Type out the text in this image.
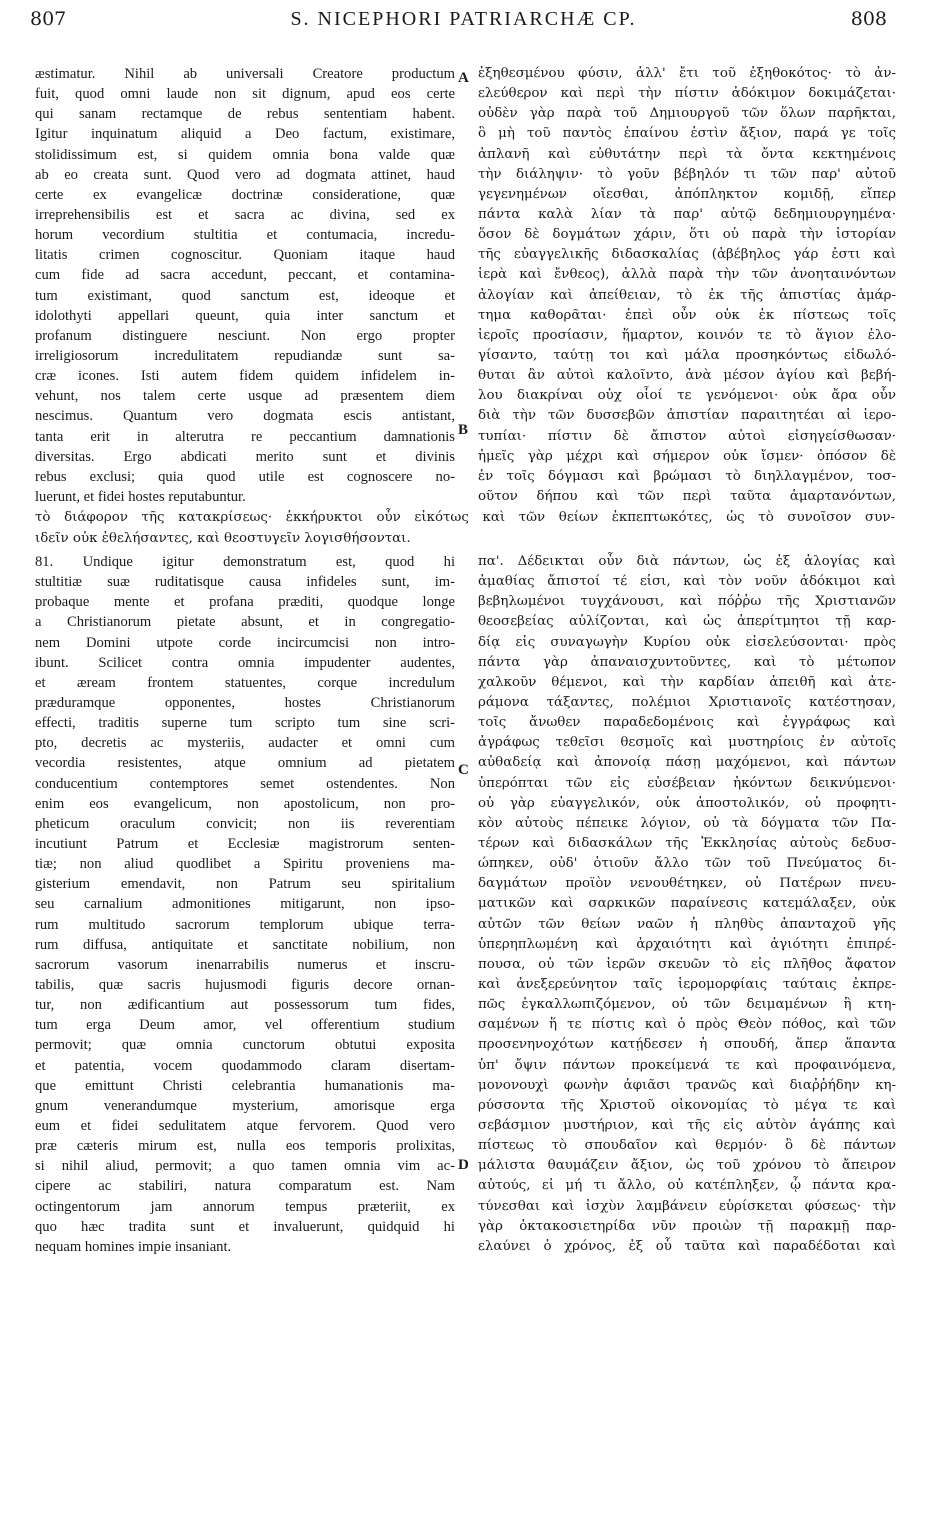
807	S. NICEPHORI PATRIARCHÆ CP.	808
A
B
C
D
æstimatur. Nihil ab universali Creatore productum
fuit, quod omni laude non sit dignum, apud eos certe
qui sanam rectamque de rebus sententiam habent.
Igitur inquinatum aliquid a Deo factum, existimare,
stolidissimum est, si quidem omnia bona valde quæ
ab eo creata sunt. Quod vero ad dogmata attinet, haud
certe ex evangelicæ doctrinæ consideratione, quæ
irreprehensibilis est et sacra ac divina, sed ex
horum vecordium stultitia et contumacia, incredu-
litatis crimen cognoscitur. Quoniam itaque haud
cum fide ad sacra accedunt, peccant, et contamina-
tum existimant, quod sanctum est, ideoque et
idolothyti appellari queunt, quia inter sanctum et
profanum distinguere nesciunt. Non ergo propter
irreligiosorum incredulitatem repudiandæ sunt sa-
cræ icones. Isti autem fidem quidem infidelem in-
vehunt, nos talem certe usque ad præsentem diem
nescimus. Quantum vero dogmata escis antistant,
tanta erit in alterutra re peccantium damnationis
diversitas. Ergo abdicati merito sunt et divinis
rebus exclusi; quia quod utile est cognoscere no-
luerunt, et fidei hostes reputabuntur.
ἐξηθεσμένου φύσιν, ἀλλ' ἔτι τοῦ ἐξηθοκότος· τὸ ἀν-
ελεύθερον καὶ περὶ τὴν πίστιν ἀδόκιμον δοκιμάζεται·
οὐδὲν γὰρ παρὰ τοῦ Δημιουργοῦ τῶν ὅλων παρῆκται,
ὃ μὴ τοῦ παντὸς ἐπαίνου ἐστὶν ἄξιον, παρά γε τοῖς
ἀπλανῆ καὶ εὐθυτάτην περὶ τὰ ὄντα κεκτημένοις
τὴν διάληψιν· τὸ γοῦν βέβηλόν τι τῶν παρ' αὐτοῦ
γεγενημένων οἴεσθαι, ἀπόπληκτον κομιδῇ, εἴπερ
πάντα καλὰ λίαν τὰ παρ' αὐτῷ δεδημιουργημένα·
ὅσον δὲ δογμάτων χάριν, ὅτι οὐ παρὰ τὴν ἱστορίαν
τῆς εὐαγγελικῆς διδασκαλίας (ἀβέβηλος γάρ ἐστι καὶ
ἱερὰ καὶ ἔνθεος), ἀλλὰ παρὰ τὴν τῶν ἀνοηταινόντων
ἀλογίαν καὶ ἀπείθειαν, τὸ ἐκ τῆς ἀπιστίας ἁμάρ-
τημα καθορᾶται· ἐπεὶ οὖν οὐκ ἐκ πίστεως τοῖς
ἱεροῖς προσίασιν, ἥμαρτον, κοινόν τε τὸ ἅγιον ἐλο-
γίσαντο, ταύτῃ τοι καὶ μάλα προσηκόντως εἰδωλό-
θυται ἂν αὐτοὶ καλοῖντο, ἀνὰ μέσον ἁγίου καὶ βεβή-
λου διακρίναι οὐχ οἷοί τε γενόμενοι· οὐκ ἄρα οὖν
διὰ τὴν τῶν δυσσεβῶν ἀπιστίαν παραιτητέαι αἱ ἱερο-
τυπίαι· πίστιν δὲ ἄπιστον αὐτοὶ εἰσηγείσθωσαν·
ἡμεῖς γὰρ μέχρι καὶ σήμερον οὐκ ἴσμεν· ὁπόσον δὲ
ἐν τοῖς δόγμασι καὶ βρώμασι τὸ διηλλαγμένον, τοσ-
οῦτον δήπου καὶ τῶν περὶ ταῦτα ἁμαρτανόντων,
τὸ διάφορον τῆς κατακρίσεως· ἐκκήρυκτοι οὖν εἰκότως καὶ τῶν θείων ἐκπεπτωκότες, ὡς τὸ συνοῖσον συν-
ιδεῖν οὐκ ἐθελήσαντες, καὶ θεοστυγεῖν λογισθήσονται.
81. Undique igitur demonstratum est, quod hi
stultitiæ suæ ruditatisque causa infideles sunt, im-
probaque mente et profana præditi, quodque longe
a Christianorum pietate absunt, et in congregatio-
nem Domini utpote corde incircumcisi non intro-
ibunt. Scilicet contra omnia impudenter audentes,
et æream frontem statuentes, corque incredulum
præduramque opponentes, hostes Christianorum
effecti, traditis superne tum scripto tum sine scri-
pto, decretis ac mysteriis, audacter et omni cum
vecordia resistentes, atque omnium ad pietatem
conducentium contemptores semet ostendentes. Non
enim eos evangelicum, non apostolicum, non pro-
pheticum oraculum convicit; non iis reverentiam
incutiunt Patrum et Ecclesiæ magistrorum senten-
tiæ; non aliud quodlibet a Spiritu proveniens ma-
gisterium emendavit, non Patrum seu spiritalium
seu carnalium admonitiones mitigarunt, non ipso-
rum multitudo sacrorum templorum ubique terra-
rum diffusa, antiquitate et sanctitate nobilium, non
sacrorum vasorum inenarrabilis numerus et inscru-
tabilis, quæ sacris hujusmodi figuris decore ornan-
tur, non ædificantium aut possessorum tum fides,
tum erga Deum amor, vel offerentium studium
permovit; quæ omnia cunctorum obtutui exposita
et patentia, vocem quodammodo claram disertam-
que emittunt Christi celebrantia humanationis ma-
gnum venerandumque mysterium, amorisque erga
eum et fidei sedulitatem atque fervorem. Quod vero
præ cæteris mirum est, nulla eos temporis prolixitas,
si nihil aliud, permovit; a quo tamen omnia vim ac-
cipere ac stabiliri, natura comparatum est. Nam
octingentorum jam annorum tempus præteriit, ex
quo hæc tradita sunt et invaluerunt, quidquid hi
nequam homines impie insaniant.
πα'. Δέδεικται οὖν διὰ πάντων, ὡς ἐξ ἀλογίας καὶ
ἀμαθίας ἄπιστοί τέ εἰσι, καὶ τὸν νοῦν ἀδόκιμοι καὶ
βεβηλωμένοι τυγχάνουσι, καὶ πόῤῥω τῆς Χριστιανῶν
θεοσεβείας αὐλίζονται, καὶ ὡς ἀπερίτμητοι τῇ καρ-
δίᾳ εἰς συναγωγὴν Κυρίου οὐκ εἰσελεύσονται· πρὸς
πάντα γὰρ ἀπαναισχυντοῦντες, καὶ τὸ μέτωπον
χαλκοῦν θέμενοι, καὶ τὴν καρδίαν ἀπειθῆ καὶ ἀτε-
ράμονα τάξαντες, πολέμιοι Χριστιανοῖς κατέστησαν,
τοῖς ἄνωθεν παραδεδομένοις καὶ ἐγγράφως καὶ
ἀγράφως τεθεῖσι θεσμοῖς καὶ μυστηρίοις ἐν αὐτοῖς
αὐθαδείᾳ καὶ ἀπονοίᾳ πάσῃ μαχόμενοι, καὶ πάντων
ὑπερόπται τῶν εἰς εὐσέβειαν ἡκόντων δεικνύμενοι·
οὐ γὰρ εὐαγγελικόν, οὐκ ἀποστολικόν, οὐ προφητι-
κὸν αὐτοὺς πέπεικε λόγιον, οὐ τὰ δόγματα τῶν Πα-
τέρων καὶ διδασκάλων τῆς Ἐκκλησίας αὐτοὺς δεδυσ-
ώπηκεν, οὐδ' ὁτιοῦν ἄλλο τῶν τοῦ Πνεύματος δι-
δαγμάτων προϊὸν νενουθέτηκεν, οὐ Πατέρων πνευ-
ματικῶν καὶ σαρκικῶν παραίνεσις κατεμάλαξεν, οὐκ
αὐτῶν τῶν θείων ναῶν ἡ πληθὺς ἁπανταχοῦ γῆς
ὑπερηπλωμένη καὶ ἀρχαιότητι καὶ ἁγιότητι ἐπιπρέ-
πουσα, οὐ τῶν ἱερῶν σκευῶν τὸ εἰς πλῆθος ἄφατον
καὶ ἀνεξερεύνητον ταῖς ἱερομορφίαις ταύταις ἐκπρε-
πῶς ἐγκαλλωπιζόμενον, οὐ τῶν δειμαμένων ἢ κτη-
σαμένων ἥ τε πίστις καὶ ὁ πρὸς Θεὸν πόθος, καὶ τῶν
προσενηνοχότων κατῄδεσεν ἡ σπουδή, ἅπερ ἅπαντα
ὑπ' ὄψιν πάντων προκείμενά τε καὶ προφαινόμενα,
μονονουχὶ φωνὴν ἀφιᾶσι τρανῶς καὶ διαῤῥήδην κη-
ρύσσοντα τῆς Χριστοῦ οἰκονομίας τὸ μέγα τε καὶ
σεβάσμιον μυστήριον, καὶ τῆς εἰς αὐτὸν ἀγάπης καὶ
πίστεως τὸ σπουδαῖον καὶ θερμόν· ὃ δὲ πάντων
μάλιστα θαυμάζειν ἄξιον, ὡς τοῦ χρόνου τὸ ἄπειρον
αὐτούς, εἰ μή τι ἄλλο, οὐ κατέπληξεν, ᾧ πάντα κρα-
τύνεσθαι καὶ ἰσχὺν λαμβάνειν εὑρίσκεται φύσεως· τὴν
γὰρ ὀκτακοσιετηρίδα νῦν προιὼν τῇ παρακμῇ παρ-
ελαύνει ὁ χρόνος, ἐξ οὗ ταῦτα καὶ παραδέδοται καὶ
